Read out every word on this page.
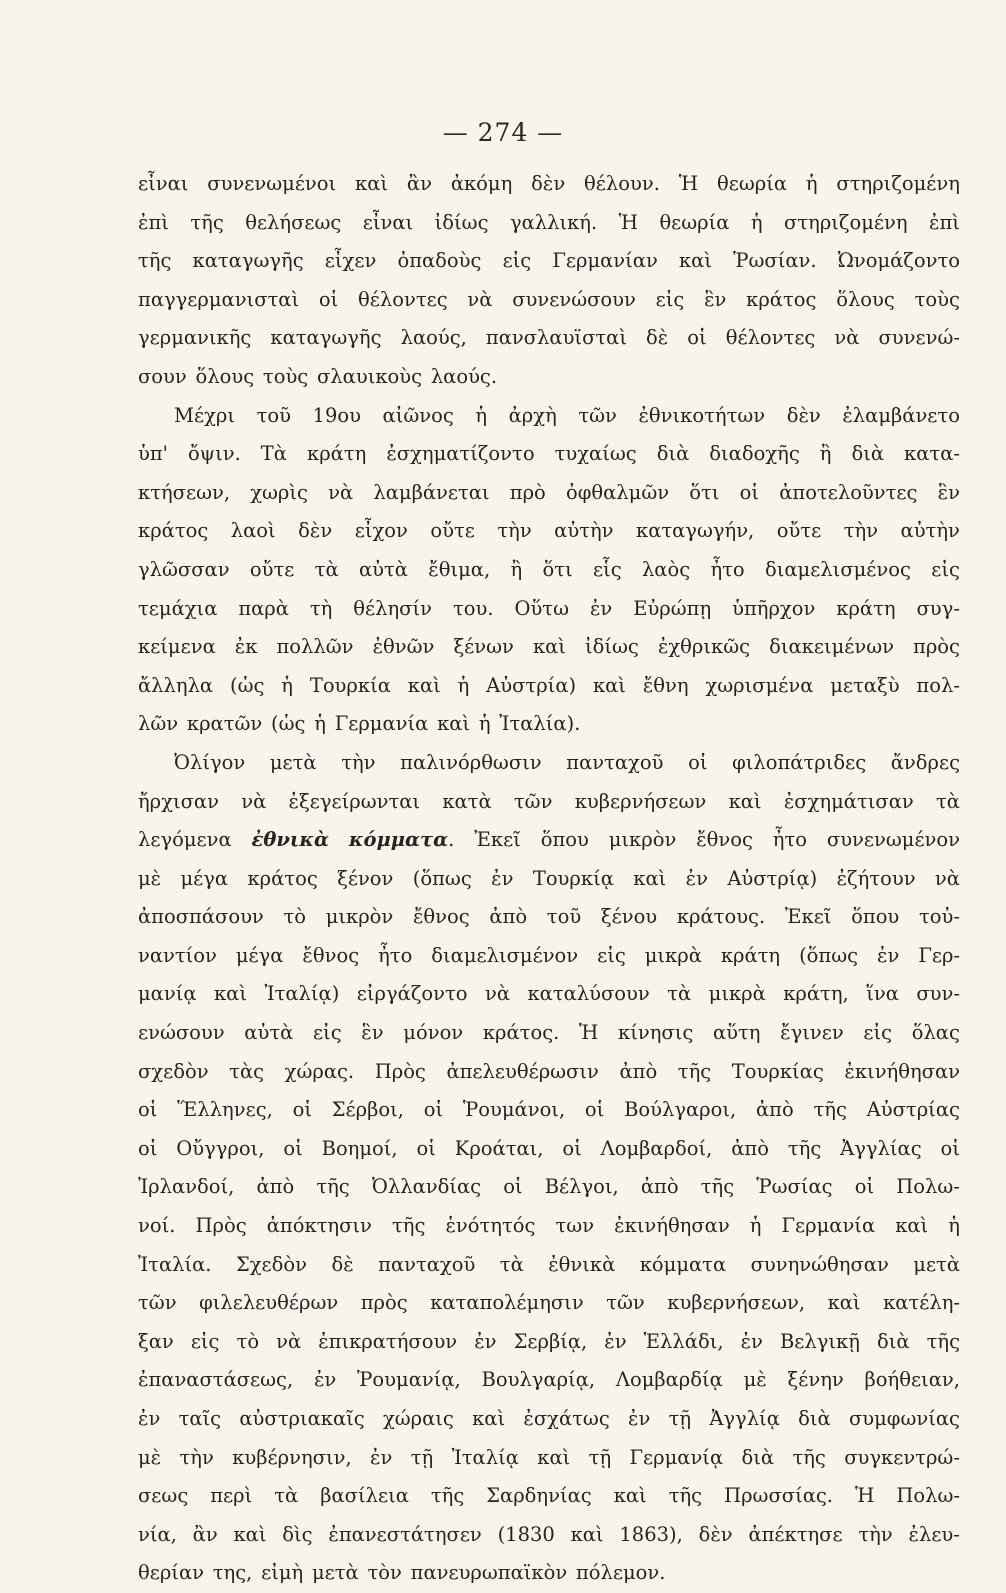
— 274 —
εἶναι συνενωμένοι καὶ ἂν ἀκόμη δὲν θέλουν. Ἡ θεωρία ἡ στηριζομένη
ἐπὶ τῆς θελήσεως εἶναι ἰδίως γαλλική. Ἡ θεωρία ἡ στηριζομένη ἐπὶ
τῆς καταγωγῆς εἶχεν ὀπαδοὺς εἰς Γερμανίαν καὶ Ῥωσίαν. Ὠνομάζοντο
παγγερμανισταὶ οἱ θέλοντες νὰ συνενώσουν εἰς ἓν κράτος ὅλους τοὺς
γερμανικῆς καταγωγῆς λαούς, πανσλαυϊσταὶ δὲ οἱ θέλοντες νὰ συνενώ-
σουν ὅλους τοὺς σλαυικοὺς λαούς.
Μέχρι τοῦ 19ου αἰῶνος ἡ ἀρχὴ τῶν ἐθνικοτήτων δὲν ἐλαμβάνετο
ὑπ' ὄψιν. Τὰ κράτη ἐσχηματίζοντο τυχαίως διὰ διαδοχῆς ἢ διὰ κατα-
κτήσεων, χωρὶς νὰ λαμβάνεται πρὸ ὀφθαλμῶν ὅτι οἱ ἀποτελοῦντες ἓν
κράτος λαοὶ δὲν εἶχον οὔτε τὴν αὐτὴν καταγωγήν, οὔτε τὴν αὐτὴν
γλῶσσαν οὔτε τὰ αὐτὰ ἔθιμα, ἢ ὅτι εἷς λαὸς ἦτο διαμελισμένος εἰς
τεμάχια παρὰ τὴ θέλησίν του. Οὕτω ἐν Εὐρώπῃ ὑπῆρχον κράτη συγ-
κείμενα ἐκ πολλῶν ἐθνῶν ξένων καὶ ἰδίως ἐχθρικῶς διακειμένων πρὸς
ἄλληλα (ὡς ἡ Τουρκία καὶ ἡ Αὐστρία) καὶ ἔθνη χωρισμένα μεταξὺ πολ-
λῶν κρατῶν (ὡς ἡ Γερμανία καὶ ἡ Ἰταλία).
Ὀλίγον μετὰ τὴν παλινόρθωσιν πανταχοῦ οἱ φιλοπάτριδες ἄνδρες
ἤρχισαν νὰ ἐξεγείρωνται κατὰ τῶν κυβερνήσεων καὶ ἐσχημάτισαν τὰ
λεγόμενα ἐθνικὰ κόμματα. Ἐκεῖ ὅπου μικρὸν ἔθνος ἦτο συνενωμένον
μὲ μέγα κράτος ξένον (ὅπως ἐν Τουρκίᾳ καὶ ἐν Αὐστρίᾳ) ἐζήτουν νὰ
ἀποσπάσουν τὸ μικρὸν ἔθνος ἀπὸ τοῦ ξένου κράτους. Ἐκεῖ ὅπου τοὐ-
ναντίον μέγα ἔθνος ἦτο διαμελισμένον εἰς μικρὰ κράτη (ὅπως ἐν Γερ-
μανίᾳ καὶ Ἰταλίᾳ) εἰργάζοντο νὰ καταλύσουν τὰ μικρὰ κράτη, ἵνα συν-
ενώσουν αὐτὰ εἰς ἓν μόνον κράτος. Ἡ κίνησις αὕτη ἔγινεν εἰς ὅλας
σχεδὸν τὰς χώρας. Πρὸς ἀπελευθέρωσιν ἀπὸ τῆς Τουρκίας ἐκινήθησαν
οἱ Ἕλληνες, οἱ Σέρβοι, οἱ Ῥουμάνοι, οἱ Βούλγαροι, ἀπὸ τῆς Αὐστρίας
οἱ Οὔγγροι, οἱ Βοημοί, οἱ Κροάται, οἱ Λομβαρδοί, ἀπὸ τῆς Ἀγγλίας οἱ
Ἰρλανδοί, ἀπὸ τῆς Ὀλλανδίας οἱ Βέλγοι, ἀπὸ τῆς Ῥωσίας οἱ Πολω-
νοί. Πρὸς ἀπόκτησιν τῆς ἑνότητός των ἐκινήθησαν ἡ Γερμανία καὶ ἡ
Ἰταλία. Σχεδὸν δὲ πανταχοῦ τὰ ἐθνικὰ κόμματα συνηνώθησαν μετὰ
τῶν φιλελευθέρων πρὸς καταπολέμησιν τῶν κυβερνήσεων, καὶ κατέλη-
ξαν εἰς τὸ νὰ ἐπικρατήσουν ἐν Σερβίᾳ, ἐν Ἑλλάδι, ἐν Βελγικῇ διὰ τῆς
ἐπαναστάσεως, ἐν Ῥουμανίᾳ, Βουλγαρίᾳ, Λομβαρδίᾳ μὲ ξένην βοήθειαν,
ἐν ταῖς αὐστριακαῖς χώραις καὶ ἐσχάτως ἐν τῇ Ἀγγλίᾳ διὰ συμφωνίας
μὲ τὴν κυβέρνησιν, ἐν τῇ Ἰταλίᾳ καὶ τῇ Γερμανίᾳ διὰ τῆς συγκεντρώ-
σεως περὶ τὰ βασίλεια τῆς Σαρδηνίας καὶ τῆς Πρωσσίας. Ἡ Πολω-
νία, ἂν καὶ δὶς ἐπανεστάτησεν (1830 καὶ 1863), δὲν ἀπέκτησε τὴν ἐλευ-
θερίαν της, εἰμὴ μετὰ τὸν πανευρωπαϊκὸν πόλεμον.
